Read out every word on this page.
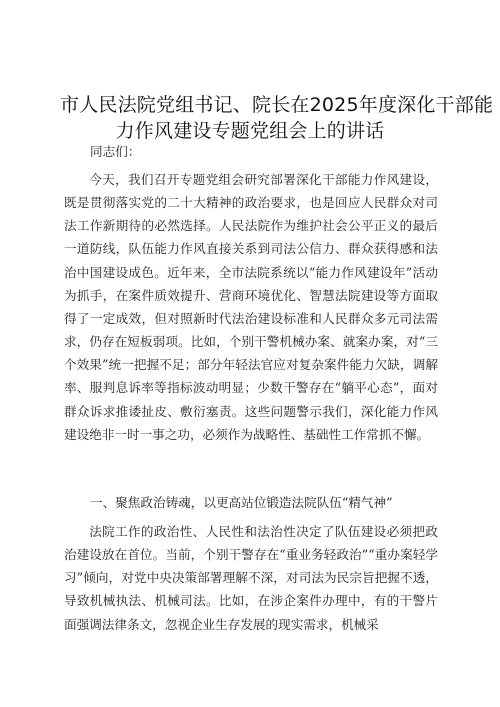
市人民法院党组书记、院长在2025年度深化干部能
力作风建设专题党组会上的讲话
同志们：
今天，我们召开专题党组会研究部署深化干部能力作风建设，既是贯彻落实党的二十大精神的政治要求，也是回应人民群众对司法工作新期待的必然选择。人民法院作为维护社会公平正义的最后一道防线，队伍能力作风直接关系到司法公信力、群众获得感和法治中国建设成色。近年来，全市法院系统以“能力作风建设年”活动为抓手，在案件质效提升、营商环境优化、智慧法院建设等方面取得了一定成效，但对照新时代法治建设标准和人民群众多元司法需求，仍存在短板弱项。比如，个别干警机械办案、就案办案，对“三个效果”统一把握不足；部分年轻法官应对复杂案件能力欠缺，调解率、服判息诉率等指标波动明显；少数干警存在“躺平心态”，面对群众诉求推诿扯皮、敷衍塞责。这些问题警示我们，深化能力作风建设绝非一时一事之功，必须作为战略性、基础性工作常抓不懈。
一、聚焦政治铸魂，以更高站位锻造法院队伍“精气神”
法院工作的政治性、人民性和法治性决定了队伍建设必须把政治建设放在首位。当前，个别干警存在“重业务轻政治”“重办案轻学习”倾向，对党中央决策部署理解不深，对司法为民宗旨把握不透，导致机械执法、机械司法。比如，在涉企案件办理中，有的干警片面强调法律条文，忽视企业生存发展的现实需求，机械采
